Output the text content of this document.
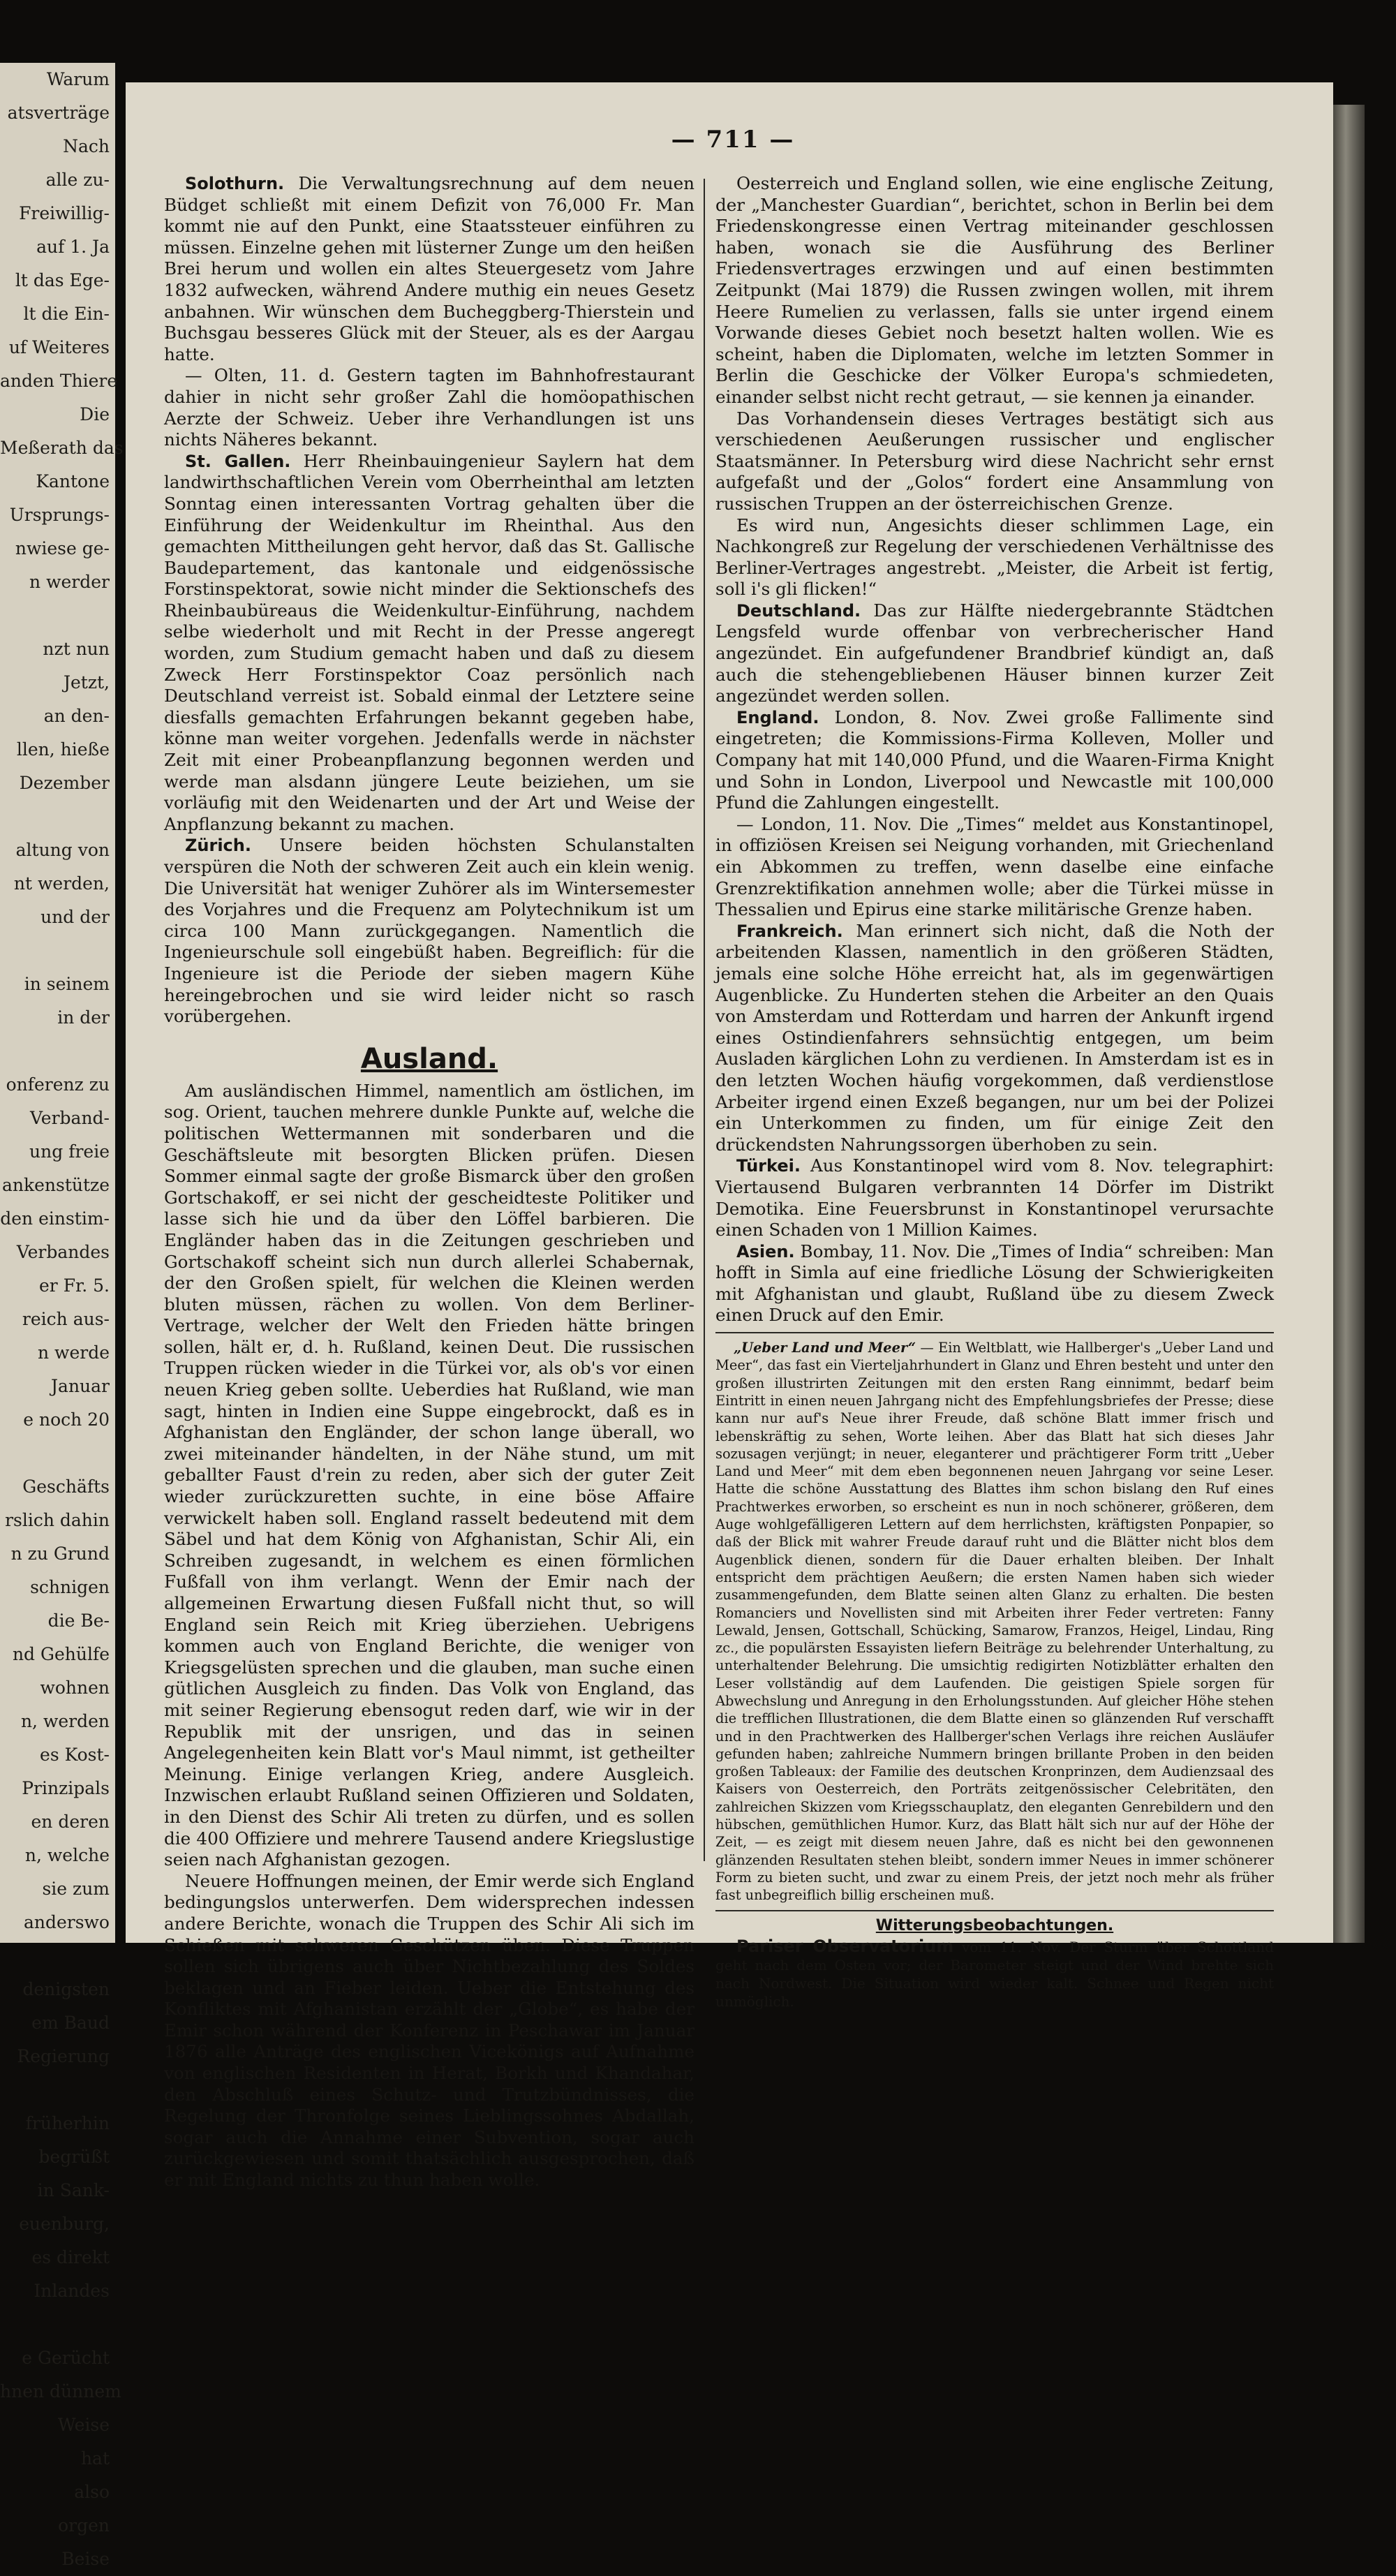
Warum
atsverträge
Nach
alle zu-
Freiwillig-
auf 1. Ja
lt das Ege-
lt die Ein-
uf Weiteres
anden Thiere
Die
Meßerath das
Kantone
Ursprungs-
nwiese ge-
n werder
nzt nun
Jetzt,
an den-
llen, hieße
Dezember
altung von
nt werden,
und der
in seinem
in der
onferenz zu
Verband-
ung freie
ankenstütze
den einstim-
Verbandes
er Fr. 5.
reich aus-
n werde
Januar
e noch 20
Geschäfts
rslich dahin
n zu Grund
schnigen
die Be-
nd Gehülfe
wohnen
n, werden
es Kost-
Prinzipals
en deren
n, welche
sie zum
anderswo
denigsten
em Baud
Regierung
früherhin
begrüßt
in Sank-
euenburg,
es direkt
Inlandes
e Gerücht
hnen dünnem
Weise
hat
also
orgen
Beise
— 711 —

Solothurn. Die Verwaltungsrechnung auf dem neuen Büdget schließt mit einem Defizit von 76,000 Fr. Man kommt nie auf den Punkt, eine Staatssteuer einführen zu müssen. Einzelne gehen mit lüsterner Zunge um den heißen Brei herum und wollen ein altes Steuergesetz vom Jahre 1832 aufwecken, während Andere muthig ein neues Gesetz anbahnen. Wir wünschen dem Bucheggberg-Thierstein und Buchsgau besseres Glück mit der Steuer, als es der Aargau hatte.

— Olten, 11. d. Gestern tagten im Bahnhofrestaurant dahier in nicht sehr großer Zahl die homöopathischen Aerzte der Schweiz. Ueber ihre Verhandlungen ist uns nichts Näheres bekannt.

St. Gallen. Herr Rheinbauingenieur Saylern hat dem landwirthschaftlichen Verein vom Oberrheinthal am letzten Sonntag einen interessanten Vortrag gehalten über die Einführung der Weidenkultur im Rheinthal. Aus den gemachten Mittheilungen geht hervor, daß das St. Gallische Baudepartement, das kantonale und eidgenössische Forstinspektorat, sowie nicht minder die Sektionschefs des Rheinbaubüreaus die Weidenkultur-Einführung, nachdem selbe wiederholt und mit Recht in der Presse angeregt worden, zum Studium gemacht haben und daß zu diesem Zweck Herr Forstinspektor Coaz persönlich nach Deutschland verreist ist. Sobald einmal der Letztere seine diesfalls gemachten Erfahrungen bekannt gegeben habe, könne man weiter vorgehen. Jedenfalls werde in nächster Zeit mit einer Probeanpflanzung begonnen werden und werde man alsdann jüngere Leute beiziehen, um sie vorläufig mit den Weidenarten und der Art und Weise der Anpflanzung bekannt zu machen.

Zürich. Unsere beiden höchsten Schulanstalten verspüren die Noth der schweren Zeit auch ein klein wenig. Die Universität hat weniger Zuhörer als im Wintersemester des Vorjahres und die Frequenz am Polytechnikum ist um circa 100 Mann zurückgegangen. Namentlich die Ingenieurschule soll eingebüßt haben. Begreiflich: für die Ingenieure ist die Periode der sieben magern Kühe hereingebrochen und sie wird leider nicht so rasch vorübergehen.

Ausland.

Am ausländischen Himmel, namentlich am östlichen, im sog. Orient, tauchen mehrere dunkle Punkte auf, welche die politischen Wettermannen mit sonderbaren und die Geschäftsleute mit besorgten Blicken prüfen. Diesen Sommer einmal sagte der große Bismarck über den großen Gortschakoff, er sei nicht der gescheidteste Politiker und lasse sich hie und da über den Löffel barbieren. Die Engländer haben das in die Zeitungen geschrieben und Gortschakoff scheint sich nun durch allerlei Schabernak, der den Großen spielt, für welchen die Kleinen werden bluten müssen, rächen zu wollen. Von dem Berliner-Vertrage, welcher der Welt den Frieden hätte bringen sollen, hält er, d. h. Rußland, keinen Deut. Die russischen Truppen rücken wieder in die Türkei vor, als ob's vor einen neuen Krieg geben sollte. Ueberdies hat Rußland, wie man sagt, hinten in Indien eine Suppe eingebrockt, daß es in Afghanistan den Engländer, der schon lange überall, wo zwei miteinander händelten, in der Nähe stund, um mit geballter Faust d'rein zu reden, aber sich der guter Zeit wieder zurückzuretten suchte, in eine böse Affaire verwickelt haben soll. England rasselt bedeutend mit dem Säbel und hat dem König von Afghanistan, Schir Ali, ein Schreiben zugesandt, in welchem es einen förmlichen Fußfall von ihm verlangt. Wenn der Emir nach der allgemeinen Erwartung diesen Fußfall nicht thut, so will England sein Reich mit Krieg überziehen. Uebrigens kommen auch von England Berichte, die weniger von Kriegsgelüsten sprechen und die glauben, man suche einen gütlichen Ausgleich zu finden. Das Volk von England, das mit seiner Regierung ebensogut reden darf, wie wir in der Republik mit der unsrigen, und das in seinen Angelegenheiten kein Blatt vor's Maul nimmt, ist getheilter Meinung. Einige verlangen Krieg, andere Ausgleich. Inzwischen erlaubt Rußland seinen Offizieren und Soldaten, in den Dienst des Schir Ali treten zu dürfen, und es sollen die 400 Offiziere und mehrere Tausend andere Kriegslustige seien nach Afghanistan gezogen.

Neuere Hoffnungen meinen, der Emir werde sich England bedingungslos unterwerfen. Dem widersprechen indessen andere Berichte, wonach die Truppen des Schir Ali sich im Schießen mit schweren Geschützen üben. Diese Truppen sollen sich übrigens auch über Nichtbezahlung des Soldes beklagen und an Fieber leiden. Ueber die Entstehung des Konfliktes mit Afghanistan erzählt der „Globe“, es habe der Emir schon während der Konferenz in Peschawar im Januar 1876 alle Anträge des englischen Vicekönigs auf Aufnahme von englischen Residenten in Herat, Borkh und Khandahar, den Abschluß eines Schutz- und Trutzbündnisses, die Regelung der Thronfolge seines Lieblingssohnes Abdallah, sogar auch die Annahme einer Subvention, sogar auch zurückgewiesen und somit thatsächlich ausgesprochen, daß er mit England nichts zu thun haben wolle.

Oesterreich und England sollen, wie eine englische Zeitung, der „Manchester Guardian“, berichtet, schon in Berlin bei dem Friedenskongresse einen Vertrag miteinander geschlossen haben, wonach sie die Ausführung des Berliner Friedensvertrages erzwingen und auf einen bestimmten Zeitpunkt (Mai 1879) die Russen zwingen wollen, mit ihrem Heere Rumelien zu verlassen, falls sie unter irgend einem Vorwande dieses Gebiet noch besetzt halten wollen. Wie es scheint, haben die Diplomaten, welche im letzten Sommer in Berlin die Geschicke der Völker Europa's schmiedeten, einander selbst nicht recht getraut, — sie kennen ja einander.

Das Vorhandensein dieses Vertrages bestätigt sich aus verschiedenen Aeußerungen russischer und englischer Staatsmänner. In Petersburg wird diese Nachricht sehr ernst aufgefaßt und der „Golos“ fordert eine Ansammlung von russischen Truppen an der österreichischen Grenze.

Es wird nun, Angesichts dieser schlimmen Lage, ein Nachkongreß zur Regelung der verschiedenen Verhältnisse des Berliner-Vertrages angestrebt. „Meister, die Arbeit ist fertig, soll i's gli flicken!“

Deutschland. Das zur Hälfte niedergebrannte Städtchen Lengsfeld wurde offenbar von verbrecherischer Hand angezündet. Ein aufgefundener Brandbrief kündigt an, daß auch die stehengebliebenen Häuser binnen kurzer Zeit angezündet werden sollen.

England. London, 8. Nov. Zwei große Fallimente sind eingetreten; die Kommissions-Firma Kolleven, Moller und Company hat mit 140,000 Pfund, und die Waaren-Firma Knight und Sohn in London, Liverpool und Newcastle mit 100,000 Pfund die Zahlungen eingestellt.

— London, 11. Nov. Die „Times“ meldet aus Konstantinopel, in offiziösen Kreisen sei Neigung vorhanden, mit Griechenland ein Abkommen zu treffen, wenn daselbe eine einfache Grenzrektifikation annehmen wolle; aber die Türkei müsse in Thessalien und Epirus eine starke militärische Grenze haben.

Frankreich. Man erinnert sich nicht, daß die Noth der arbeitenden Klassen, namentlich in den größeren Städten, jemals eine solche Höhe erreicht hat, als im gegenwärtigen Augenblicke. Zu Hunderten stehen die Arbeiter an den Quais von Amsterdam und Rotterdam und harren der Ankunft irgend eines Ostindienfahrers sehnsüchtig entgegen, um beim Ausladen kärglichen Lohn zu verdienen. In Amsterdam ist es in den letzten Wochen häufig vorgekommen, daß verdienstlose Arbeiter irgend einen Exzeß begangen, nur um bei der Polizei ein Unterkommen zu finden, um für einige Zeit den drückendsten Nahrungssorgen überhoben zu sein.

Türkei. Aus Konstantinopel wird vom 8. Nov. telegraphirt: Viertausend Bulgaren verbrannten 14 Dörfer im Distrikt Demotika. Eine Feuersbrunst in Konstantinopel verursachte einen Schaden von 1 Million Kaimes.

Asien. Bombay, 11. Nov. Die „Times of India“ schreiben: Man hofft in Simla auf eine friedliche Lösung der Schwierigkeiten mit Afghanistan und glaubt, Rußland übe zu diesem Zweck einen Druck auf den Emir.

„Ueber Land und Meer“ — Ein Weltblatt, wie Hallberger's „Ueber Land und Meer“, das fast ein Vierteljahrhundert in Glanz und Ehren besteht und unter den großen illustrirten Zeitungen mit den ersten Rang einnimmt, bedarf beim Eintritt in einen neuen Jahrgang nicht des Empfehlungsbriefes der Presse; diese kann nur auf's Neue ihrer Freude, daß schöne Blatt immer frisch und lebenskräftig zu sehen, Worte leihen. Aber das Blatt hat sich dieses Jahr sozusagen verjüngt; in neuer, eleganterer und prächtigerer Form tritt „Ueber Land und Meer“ mit dem eben begonnenen neuen Jahrgang vor seine Leser. Hatte die schöne Ausstattung des Blattes ihm schon bislang den Ruf eines Prachtwerkes erworben, so erscheint es nun in noch schönerer, größeren, dem Auge wohlgefälligeren Lettern auf dem herrlichsten, kräftigsten Ponpapier, so daß der Blick mit wahrer Freude darauf ruht und die Blätter nicht blos dem Augenblick dienen, sondern für die Dauer erhalten bleiben. Der Inhalt entspricht dem prächtigen Aeußern; die ersten Namen haben sich wieder zusammengefunden, dem Blatte seinen alten Glanz zu erhalten. Die besten Romanciers und Novellisten sind mit Arbeiten ihrer Feder vertreten: Fanny Lewald, Jensen, Gottschall, Schücking, Samarow, Franzos, Heigel, Lindau, Ring zc., die populärsten Essayisten liefern Beiträge zu belehrender Unterhaltung, zu unterhaltender Belehrung. Die umsichtig redigirten Notizblätter erhalten den Leser vollständig auf dem Laufenden. Die geistigen Spiele sorgen für Abwechslung und Anregung in den Erholungsstunden. Auf gleicher Höhe stehen die trefflichen Illustrationen, die dem Blatte einen so glänzenden Ruf verschafft und in den Prachtwerken des Hallberger'schen Verlags ihre reichen Ausläufer gefunden haben; zahlreiche Nummern bringen brillante Proben in den beiden großen Tableaux: der Familie des deutschen Kronprinzen, dem Audienzsaal des Kaisers von Oesterreich, den Porträts zeitgenössischer Celebritäten, den zahlreichen Skizzen vom Kriegsschauplatz, den eleganten Genrebildern und den hübschen, gemüthlichen Humor. Kurz, das Blatt hält sich nur auf der Höhe der Zeit, — es zeigt mit diesem neuen Jahre, daß es nicht bei den gewonnenen glänzenden Resultaten stehen bleibt, sondern immer Neues in immer schönerer Form zu bieten sucht, und zwar zu einem Preis, der jetzt noch mehr als früher fast unbegreiflich billig erscheinen muß.

Witterungsbeobachtungen.

Pariser Observatorium vom 11. Nov. Der Sturm über Schottland geht nach dem Osten vor; der Barometer steigt und der Wind brehte sich nach Nordwest. Die Situation wird wieder kalt. Schnee und Regen nicht unmöglich.
